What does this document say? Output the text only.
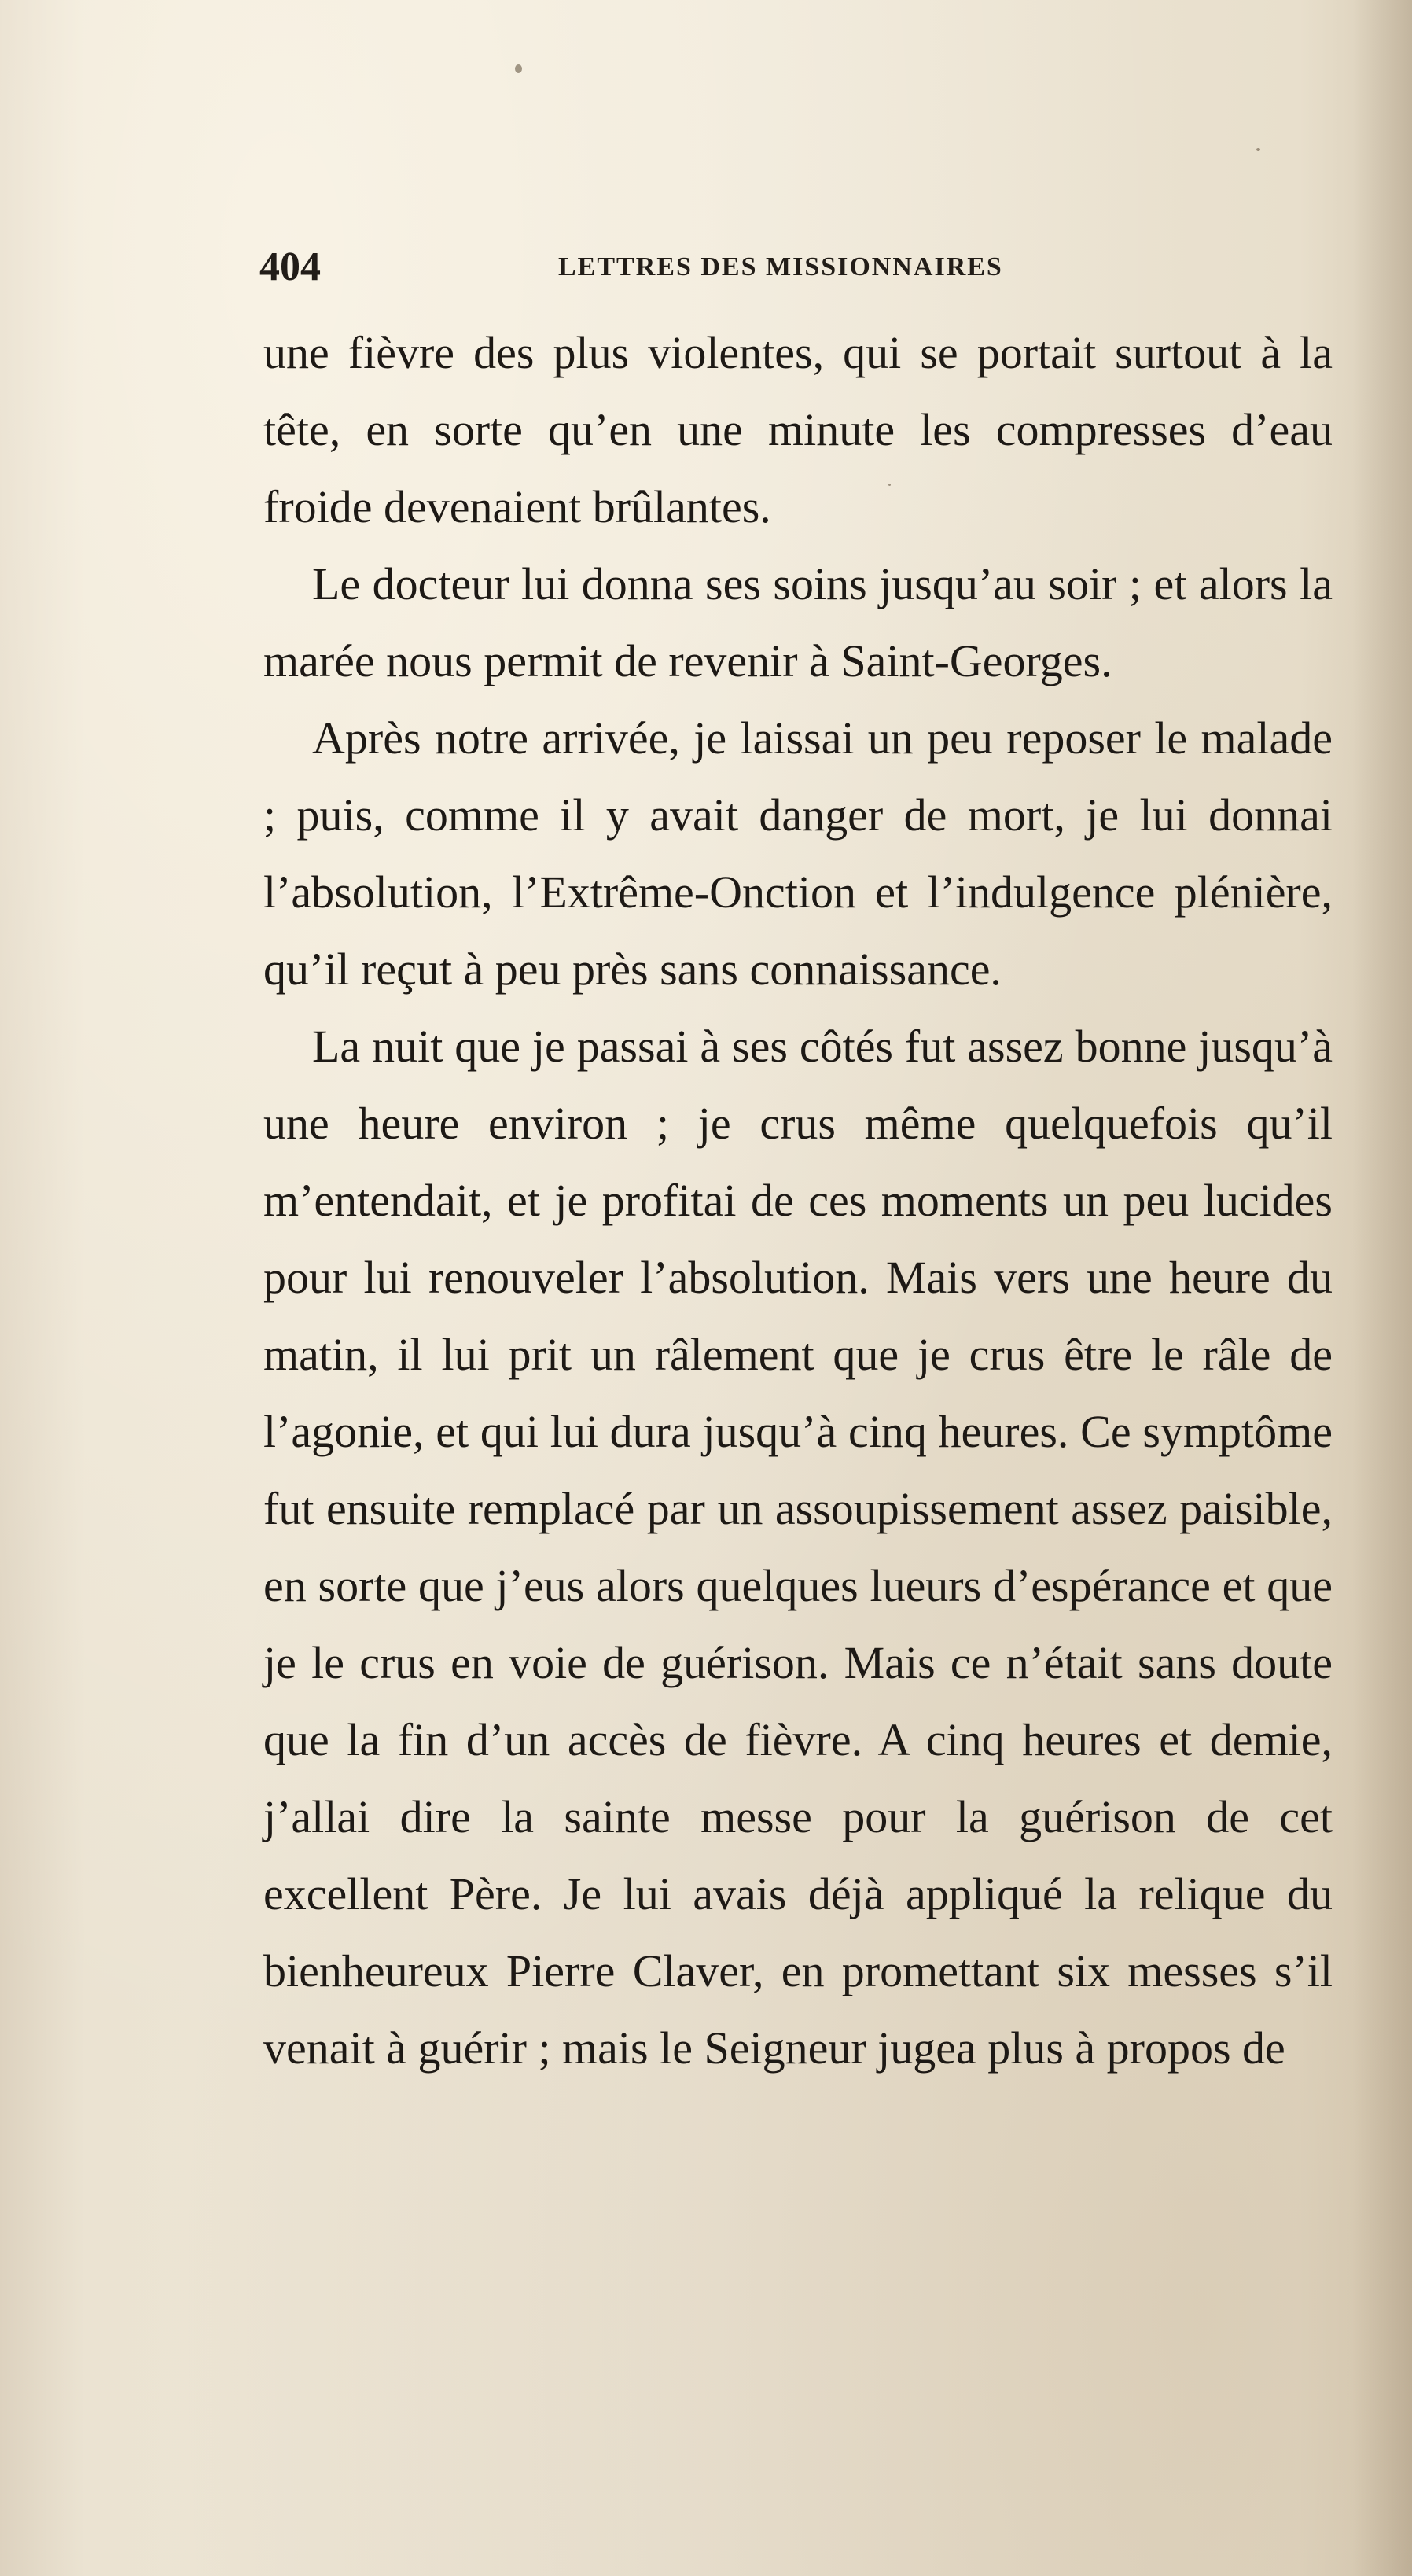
404	LETTRES DES MISSIONNAIRES

une fièvre des plus violentes, qui se portait surtout à la tête, en sorte qu’en une minute les compresses d’eau froide devenaient brûlantes.

Le docteur lui donna ses soins jusqu’au soir ; et alors la marée nous permit de revenir à Saint-Georges.

Après notre arrivée, je laissai un peu reposer le malade ; puis, comme il y avait danger de mort, je lui donnai l’absolution, l’Extrême-Onction et l’indulgence plénière, qu’il reçut à peu près sans connaissance.

La nuit que je passai à ses côtés fut assez bonne jusqu’à une heure environ ; je crus même quelquefois qu’il m’entendait, et je profitai de ces moments un peu lucides pour lui renouveler l’absolution. Mais vers une heure du matin, il lui prit un râlement que je crus être le râle de l’agonie, et qui lui dura jusqu’à cinq heures. Ce symptôme fut ensuite remplacé par un assoupissement assez paisible, en sorte que j’eus alors quelques lueurs d’espérance et que je le crus en voie de guérison. Mais ce n’était sans doute que la fin d’un accès de fièvre. A cinq heures et demie, j’allai dire la sainte messe pour la guérison de cet excellent Père. Je lui avais déjà appliqué la relique du bienheureux Pierre Claver, en promettant six messes s’il venait à guérir ; mais le Seigneur jugea plus à propos de
